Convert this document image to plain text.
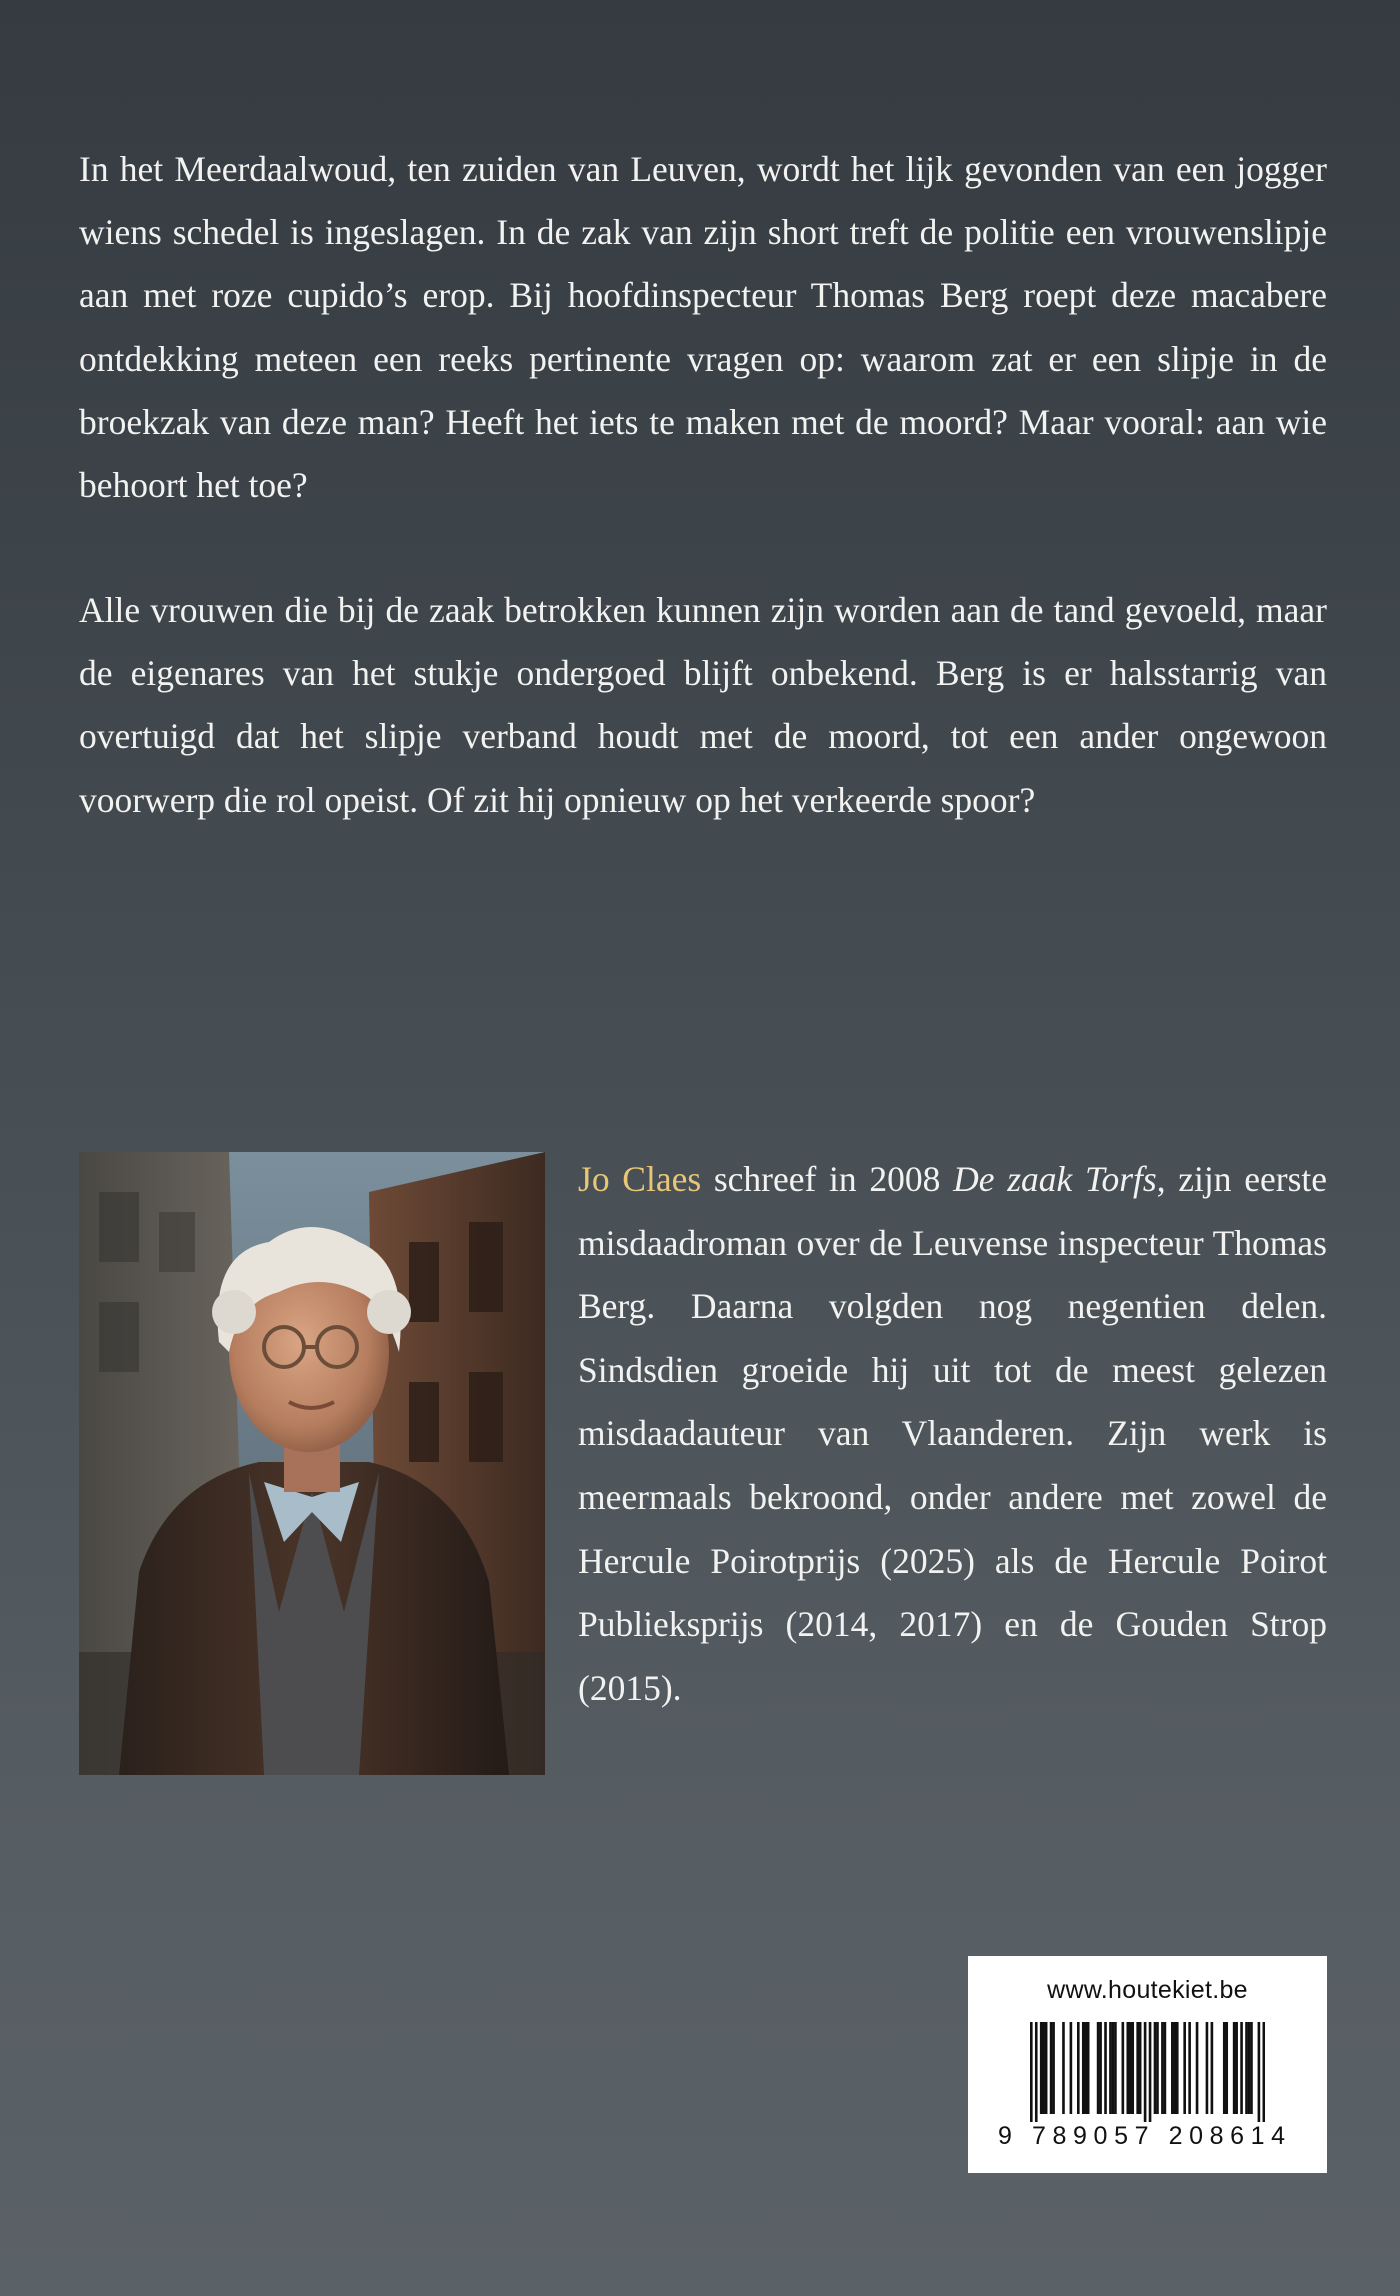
In het Meerdaalwoud, ten zuiden van Leuven, wordt het lijk gevonden van een jogger wiens schedel is ingeslagen. In de zak van zijn short treft de politie een vrouwenslipje aan met roze cupido’s erop. Bij hoofdinspecteur Thomas Berg roept deze macabere ontdekking meteen een reeks pertinente vragen op: waarom zat er een slipje in de broekzak van deze man? Heeft het iets te maken met de moord? Maar vooral: aan wie behoort het toe?

Alle vrouwen die bij de zaak betrokken kunnen zijn worden aan de tand gevoeld, maar de eigenares van het stukje ondergoed blijft onbekend. Berg is er halsstarrig van overtuigd dat het slipje verband houdt met de moord, tot een ander ongewoon voorwerp die rol opeist. Of zit hij opnieuw op het verkeerde spoor?

Jo Claes schreef in 2008 De zaak Torfs, zijn eerste misdaadroman over de Leuvense inspecteur Thomas Berg. Daarna volgden nog negentien delen. Sindsdien groeide hij uit tot de meest gelezen misdaadauteur van Vlaanderen. Zijn werk is meermaals bekroond, onder andere met zowel de Hercule Poirotprijs (2025) als de Hercule Poirot Publieksprijs (2014, 2017) en de Gouden Strop (2015).

www.houtekiet.be
9 789057 208614
